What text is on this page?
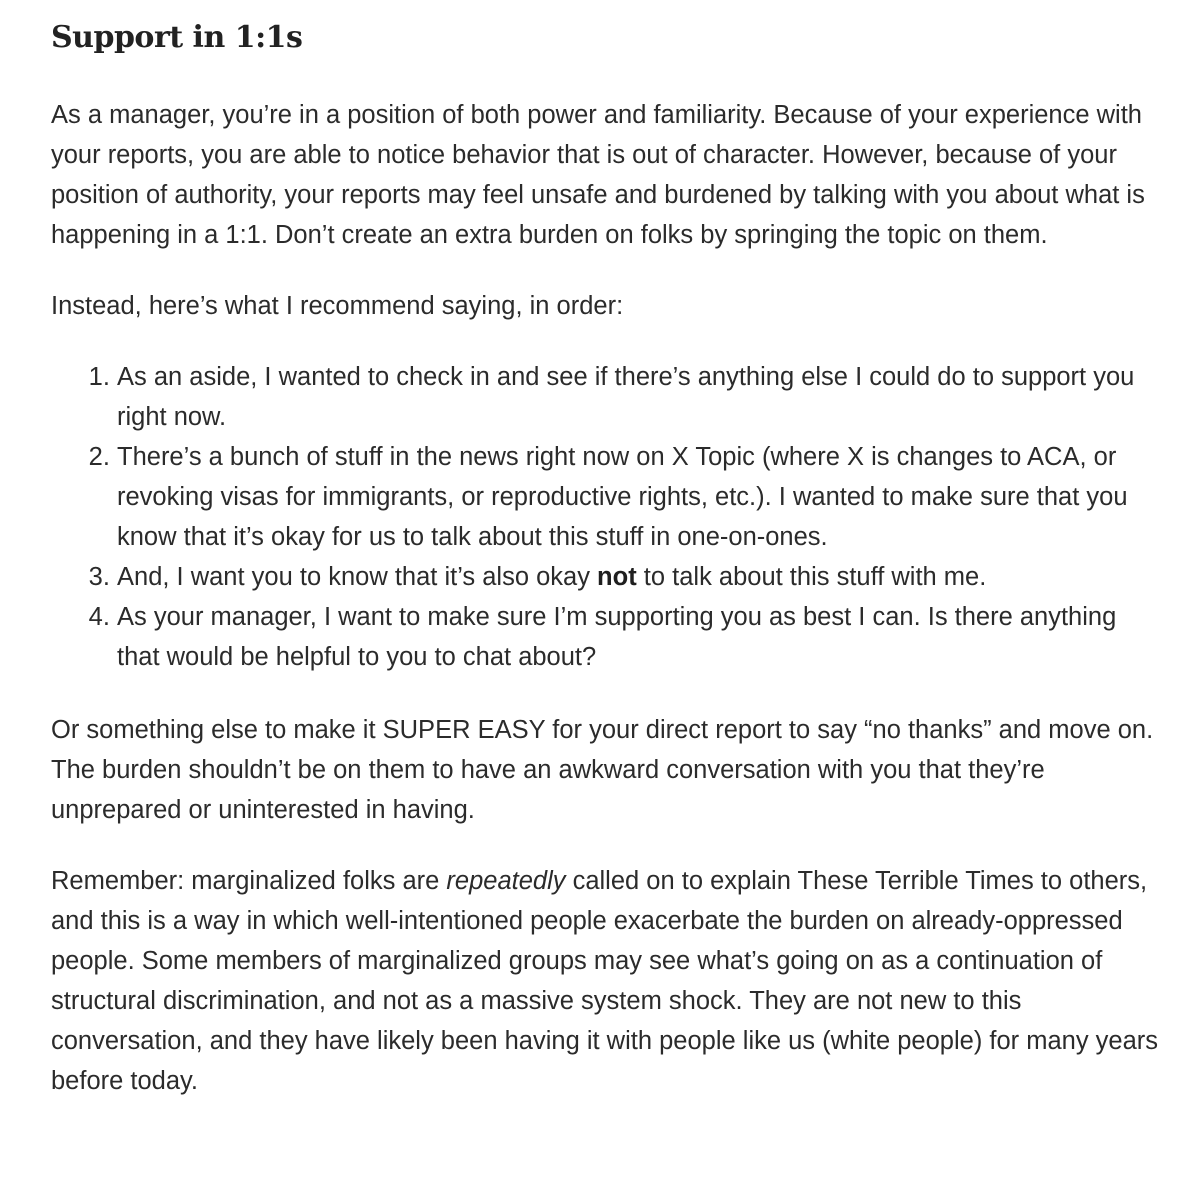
Support in 1:1s

As a manager, you’re in a position of both power and familiarity. Because of your experience with your reports, you are able to notice behavior that is out of character. However, because of your position of authority, your reports may feel unsafe and burdened by talking with you about what is happening in a 1:1. Don’t create an extra burden on folks by springing the topic on them.

Instead, here’s what I recommend saying, in order:

1. As an aside, I wanted to check in and see if there’s anything else I could do to support you right now.
2. There’s a bunch of stuff in the news right now on X Topic (where X is changes to ACA, or revoking visas for immigrants, or reproductive rights, etc.). I wanted to make sure that you know that it’s okay for us to talk about this stuff in one-on-ones.
3. And, I want you to know that it’s also okay not to talk about this stuff with me.
4. As your manager, I want to make sure I’m supporting you as best I can. Is there anything that would be helpful to you to chat about?

Or something else to make it SUPER EASY for your direct report to say “no thanks” and move on. The burden shouldn’t be on them to have an awkward conversation with you that they’re unprepared or uninterested in having.

Remember: marginalized folks are repeatedly called on to explain These Terrible Times to others, and this is a way in which well-intentioned people exacerbate the burden on already-oppressed people. Some members of marginalized groups may see what’s going on as a continuation of structural discrimination, and not as a massive system shock. They are not new to this conversation, and they have likely been having it with people like us (white people) for many years before today.
